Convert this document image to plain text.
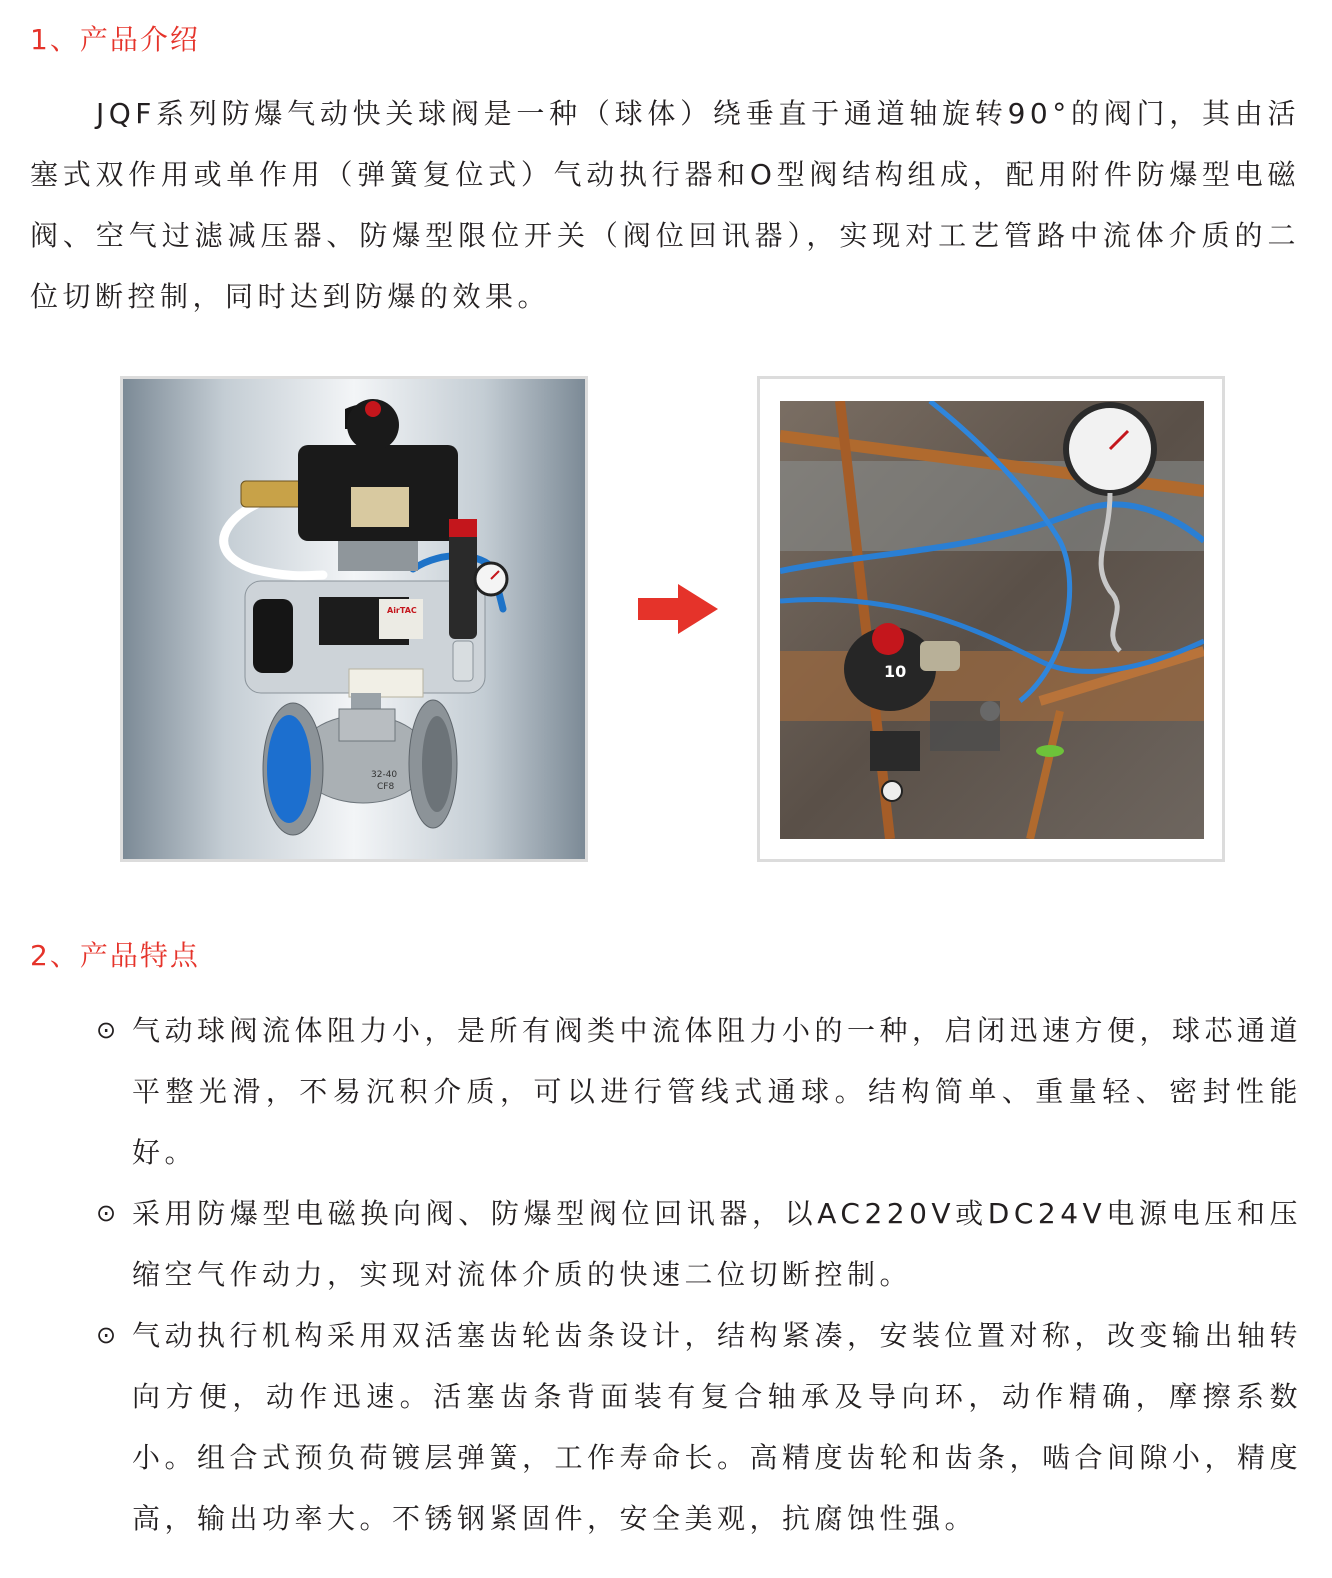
1、产品介绍

JQF系列防爆气动快关球阀是一种（球体）绕垂直于通道轴旋转90°的阀门，其由活塞式双作用或单作用（弹簧复位式）气动执行器和O型阀结构组成，配用附件防爆型电磁阀、空气过滤减压器、防爆型限位开关（阀位回讯器），实现对工艺管路中流体介质的二位切断控制，同时达到防爆的效果。

AirTAC
32-40
CF8
10
2、产品特点
⊙ 气动球阀流体阻力小，是所有阀类中流体阻力小的一种，启闭迅速方便，球芯通道平整光滑，不易沉积介质，可以进行管线式通球。结构简单、重量轻、密封性能好。

⊙ 采用防爆型电磁换向阀、防爆型阀位回讯器，以AC220V或DC24V电源电压和压缩空气作动力，实现对流体介质的快速二位切断控制。

⊙ 气动执行机构采用双活塞齿轮齿条设计，结构紧凑，安装位置对称，改变输出轴转向方便，动作迅速。活塞齿条背面装有复合轴承及导向环，动作精确，摩擦系数小。组合式预负荷镀层弹簧，工作寿命长。高精度齿轮和齿条，啮合间隙小，精度高，输出功率大。不锈钢紧固件，安全美观，抗腐蚀性强。
